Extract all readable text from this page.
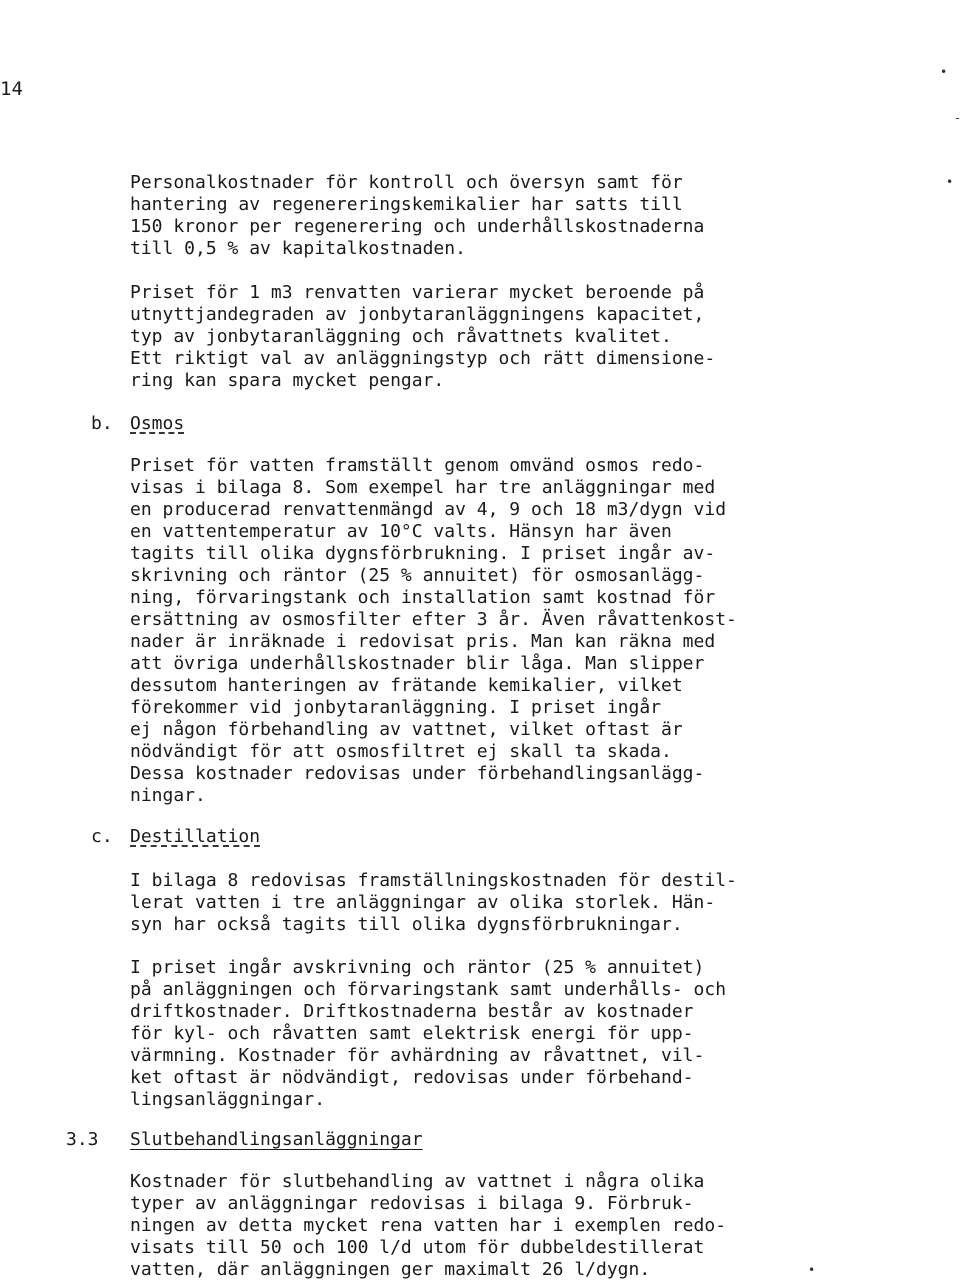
14
•
-
•
•

Personalkostnader för kontroll och översyn samt för
hantering av regenereringskemikalier har satts till
150 kronor per regenerering och underhållskostnaderna
till 0,5 % av kapitalkostnaden.

Priset för 1 m3 renvatten varierar mycket beroende på
utnyttjandegraden av jonbytaranläggningens kapacitet,
typ av jonbytaranläggning och råvattnets kvalitet.
Ett riktigt val av anläggningstyp och rätt dimensione-
ring kan spara mycket pengar.

b. Osmos

Priset för vatten framställt genom omvänd osmos redo-
visas i bilaga 8. Som exempel har tre anläggningar med
en producerad renvattenmängd av 4, 9 och 18 m3/dygn vid
en vattentemperatur av 10°C valts. Hänsyn har även
tagits till olika dygnsförbrukning. I priset ingår av-
skrivning och räntor (25 % annuitet) för osmosanlägg-
ning, förvaringstank och installation samt kostnad för
ersättning av osmosfilter efter 3 år. Även råvattenkost-
nader är inräknade i redovisat pris. Man kan räkna med
att övriga underhållskostnader blir låga. Man slipper
dessutom hanteringen av frätande kemikalier, vilket
förekommer vid jonbytaranläggning. I priset ingår
ej någon förbehandling av vattnet, vilket oftast är
nödvändigt för att osmosfiltret ej skall ta skada.
Dessa kostnader redovisas under förbehandlingsanlägg-
ningar.

c. Destillation

I bilaga 8 redovisas framställningskostnaden för destil-
lerat vatten i tre anläggningar av olika storlek. Hän-
syn har också tagits till olika dygnsförbrukningar.

I priset ingår avskrivning och räntor (25 % annuitet)
på anläggningen och förvaringstank samt underhålls- och
driftkostnader. Driftkostnaderna består av kostnader
för kyl- och råvatten samt elektrisk energi för upp-
värmning. Kostnader för avhärdning av råvattnet, vil-
ket oftast är nödvändigt, redovisas under förbehand-
lingsanläggningar.

3.3 Slutbehandlingsanläggningar

Kostnader för slutbehandling av vattnet i några olika
typer av anläggningar redovisas i bilaga 9. Förbruk-
ningen av detta mycket rena vatten har i exemplen redo-
visats till 50 och 100 l/d utom för dubbeldestillerat
vatten, där anläggningen ger maximalt 26 l/dygn.
